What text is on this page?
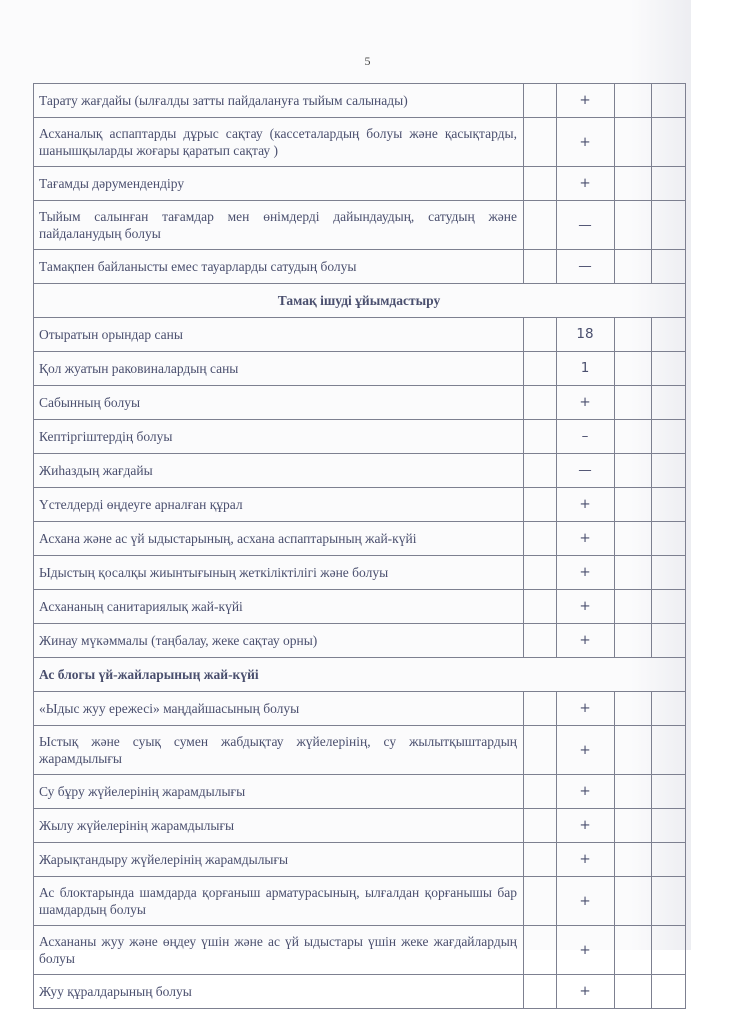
5
Тарату жағдайы (ылғалды затты пайдалануға тыйым салынады)		+		
Асханалық аспаптарды дұрыс сақтау (кассеталардың болуы және қасықтарды, шанышқыларды жоғары қаратып сақтау )		+		
Тағамды дәрумендендіру		+		
Тыйым салынған тағамдар мен өнімдерді дайындаудың, сатудың және пайдаланудың болуы		—		
Тамақпен байланысты емес тауарларды сатудың болуы		—		
Тамақ ішуді ұйымдастыру				
Отыратын орындар саны		18		
Қол жуатын раковиналардың саны		1		
Сабынның болуы		+		
Кептіргіштердің болуы		–		
Жиһаздың жағдайы		—		
Үстелдерді өңдеуге арналған құрал		+		
Асхана және ас үй ыдыстарының, асхана аспаптарының жай-күйі		+		
Ыдыстың қосалқы жиынтығының жеткіліктілігі және болуы		+		
Асхананың санитариялық жай-күйі		+		
Жинау мүкәммалы (таңбалау, жеке сақтау орны)		+		
Ас блогы үй-жайларының жай-күйі				
«Ыдыс жуу ережесі» маңдайшасының болуы		+		
Ыстық және суық сумен жабдықтау жүйелерінің, су жылытқыштардың жарамдылығы		+		
Су бұру жүйелерінің жарамдылығы		+		
Жылу жүйелерінің жарамдылығы		+		
Жарықтандыру жүйелерінің жарамдылығы		+		
Ас блоктарында шамдарда қорғаныш арматурасының, ылғалдан қорғанышы бар шамдардың болуы		+		
Асхананы жуу және өңдеу үшін және ас үй ыдыстары үшін жеке жағдайлардың болуы		+		
Жуу құралдарының болуы		+		
